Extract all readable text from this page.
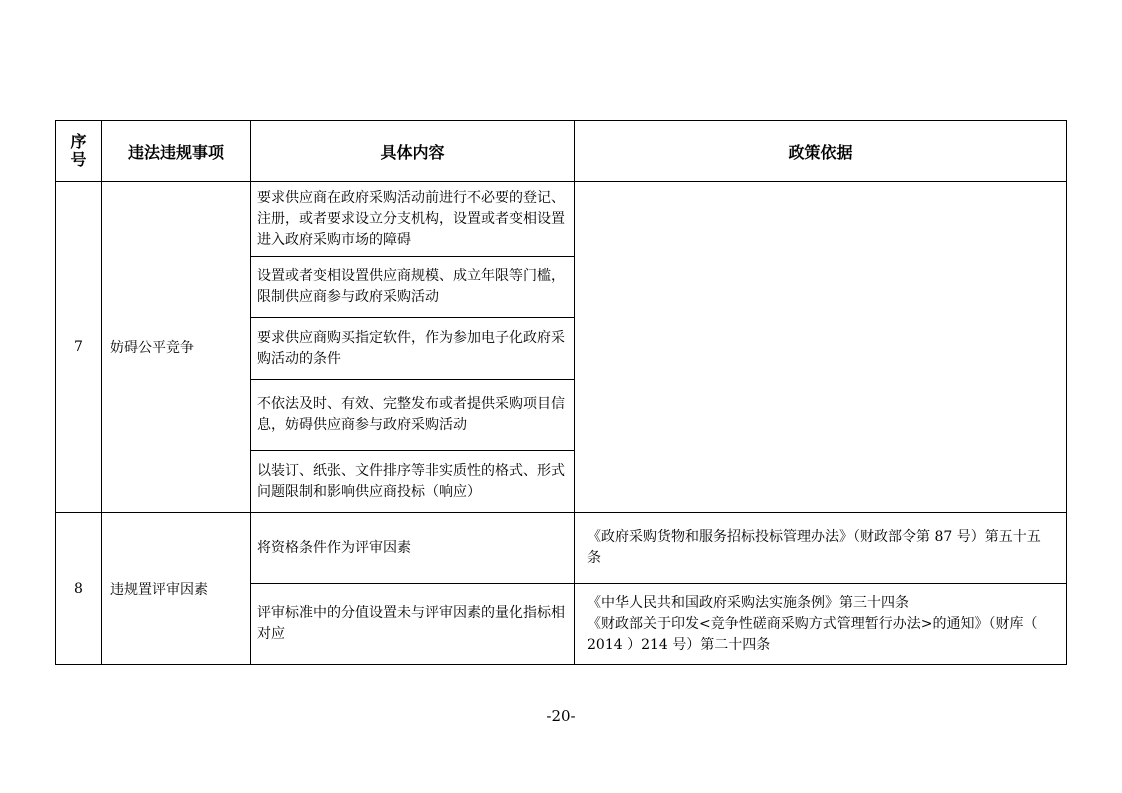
序号	违法违规事项	具体内容	政策依据
7	妨碍公平竞争	要求供应商在政府采购活动前进行不必要的登记、注册，或者要求设立分支机构，设置或者变相设置进入政府采购市场的障碍	
		设置或者变相设置供应商规模、成立年限等门槛，限制供应商参与政府采购活动	
		要求供应商购买指定软件，作为参加电子化政府采购活动的条件	
		不依法及时、有效、完整发布或者提供采购项目信息，妨碍供应商参与政府采购活动	
		以装订、纸张、文件排序等非实质性的格式、形式问题限制和影响供应商投标（响应）	
8	违规置评审因素	将资格条件作为评审因素	《政府采购货物和服务招标投标管理办法》（财政部令第 87 号）第五十五条

		评审标准中的分值设置未与评审因素的量化指标相对应	《中华人民共和国政府采购法实施条例》第三十四条
《财政部关于印发<竞争性磋商采购方式管理暂行办法>的通知》（财库（ 2014 ）214 号）第二十四条
-20-
